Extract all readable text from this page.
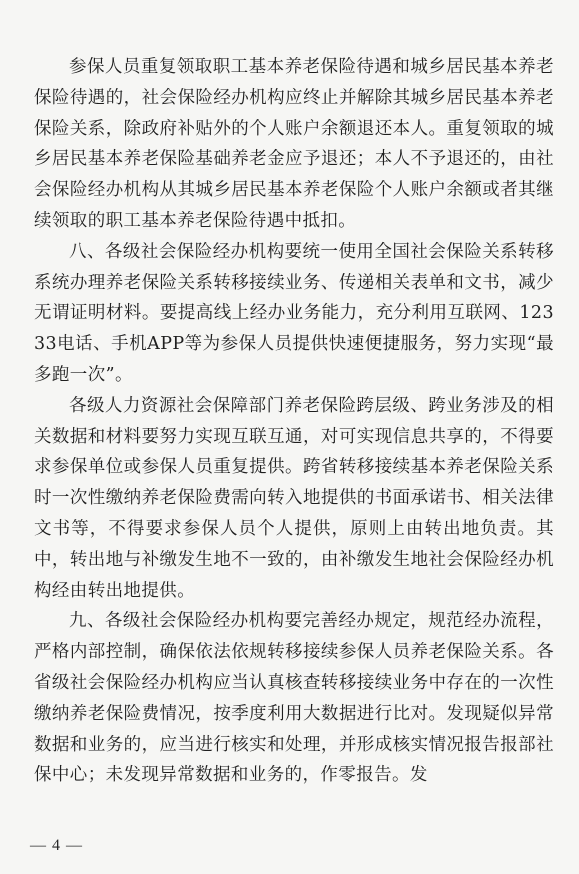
参保人员重复领取职工基本养老保险待遇和城乡居民基本养老保险待遇的，社会保险经办机构应终止并解除其城乡居民基本养老保险关系，除政府补贴外的个人账户余额退还本人。重复领取的城乡居民基本养老保险基础养老金应予退还；本人不予退还的，由社会保险经办机构从其城乡居民基本养老保险个人账户余额或者其继续领取的职工基本养老保险待遇中抵扣。

八、各级社会保险经办机构要统一使用全国社会保险关系转移系统办理养老保险关系转移接续业务、传递相关表单和文书，减少无谓证明材料。要提高线上经办业务能力，充分利用互联网、12333电话、手机APP等为参保人员提供快速便捷服务，努力实现“最多跑一次”。

各级人力资源社会保障部门养老保险跨层级、跨业务涉及的相关数据和材料要努力实现互联互通，对可实现信息共享的，不得要求参保单位或参保人员重复提供。跨省转移接续基本养老保险关系时一次性缴纳养老保险费需向转入地提供的书面承诺书、相关法律文书等，不得要求参保人员个人提供，原则上由转出地负责。其中，转出地与补缴发生地不一致的，由补缴发生地社会保险经办机构经由转出地提供。

九、各级社会保险经办机构要完善经办规定，规范经办流程，严格内部控制，确保依法依规转移接续参保人员养老保险关系。各省级社会保险经办机构应当认真核查转移接续业务中存在的一次性缴纳养老保险费情况，按季度利用大数据进行比对。发现疑似异常数据和业务的，应当进行核实和处理，并形成核实情况报告报部社保中心；未发现异常数据和业务的，作零报告。发

— 4 —
